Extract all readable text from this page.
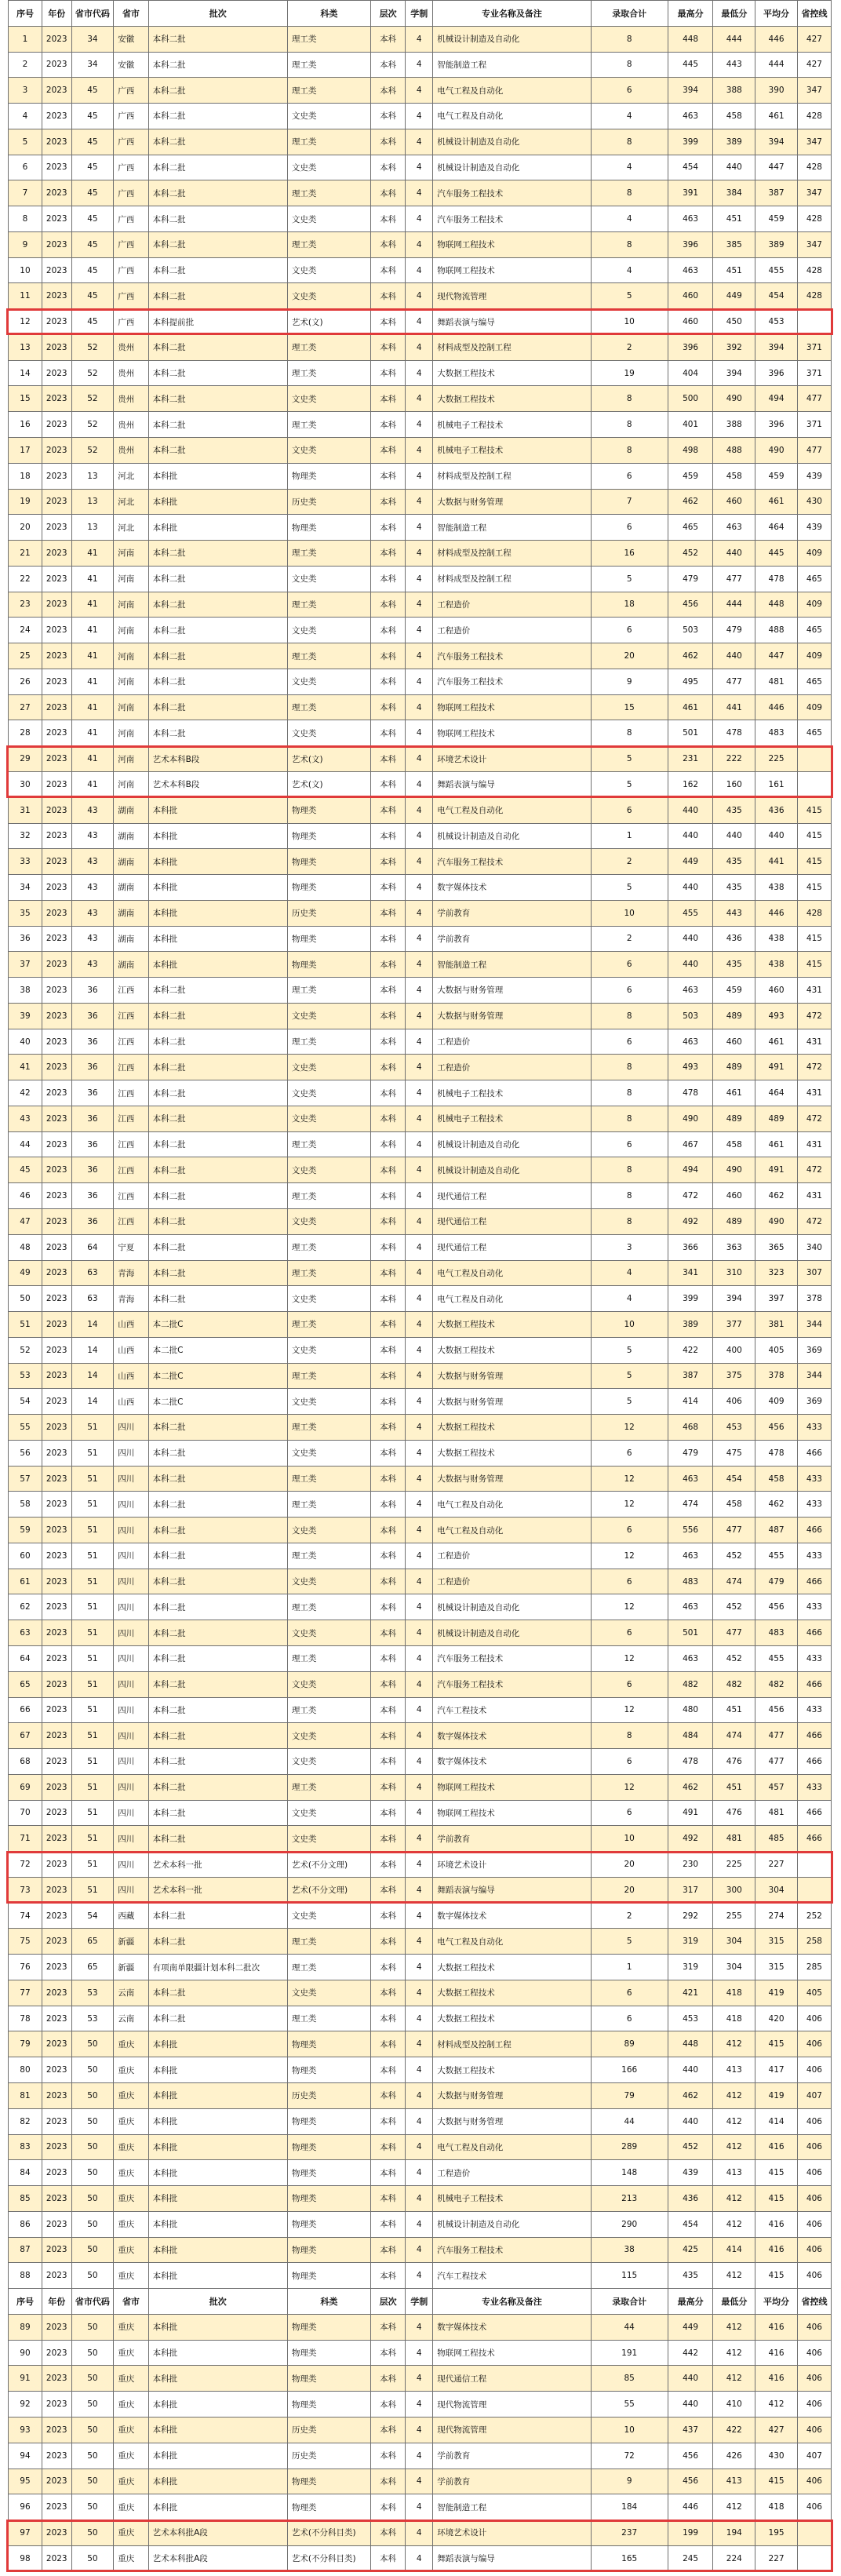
序号	年份	省市代码	省市	批次	科类	层次	学制	专业名称及备注	录取合计	最高分	最低分	平均分	省控线
1	2023	34	安徽	本科二批	理工类	本科	4	机械设计制造及自动化	8	448	444	446	427
2	2023	34	安徽	本科二批	理工类	本科	4	智能制造工程	8	445	443	444	427
3	2023	45	广西	本科二批	理工类	本科	4	电气工程及自动化	6	394	388	390	347
4	2023	45	广西	本科二批	文史类	本科	4	电气工程及自动化	4	463	458	461	428
5	2023	45	广西	本科二批	理工类	本科	4	机械设计制造及自动化	8	399	389	394	347
6	2023	45	广西	本科二批	文史类	本科	4	机械设计制造及自动化	4	454	440	447	428
7	2023	45	广西	本科二批	理工类	本科	4	汽车服务工程技术	8	391	384	387	347
8	2023	45	广西	本科二批	文史类	本科	4	汽车服务工程技术	4	463	451	459	428
9	2023	45	广西	本科二批	理工类	本科	4	物联网工程技术	8	396	385	389	347
10	2023	45	广西	本科二批	文史类	本科	4	物联网工程技术	4	463	451	455	428
11	2023	45	广西	本科二批	文史类	本科	4	现代物流管理	5	460	449	454	428
12	2023	45	广西	本科提前批	艺术(文)	本科	4	舞蹈表演与编导	10	460	450	453	
13	2023	52	贵州	本科二批	理工类	本科	4	材料成型及控制工程	2	396	392	394	371
14	2023	52	贵州	本科二批	理工类	本科	4	大数据工程技术	19	404	394	396	371
15	2023	52	贵州	本科二批	文史类	本科	4	大数据工程技术	8	500	490	494	477
16	2023	52	贵州	本科二批	理工类	本科	4	机械电子工程技术	8	401	388	396	371
17	2023	52	贵州	本科二批	文史类	本科	4	机械电子工程技术	8	498	488	490	477
18	2023	13	河北	本科批	物理类	本科	4	材料成型及控制工程	6	459	458	459	439
19	2023	13	河北	本科批	历史类	本科	4	大数据与财务管理	7	462	460	461	430
20	2023	13	河北	本科批	物理类	本科	4	智能制造工程	6	465	463	464	439
21	2023	41	河南	本科二批	理工类	本科	4	材料成型及控制工程	16	452	440	445	409
22	2023	41	河南	本科二批	文史类	本科	4	材料成型及控制工程	5	479	477	478	465
23	2023	41	河南	本科二批	理工类	本科	4	工程造价	18	456	444	448	409
24	2023	41	河南	本科二批	文史类	本科	4	工程造价	6	503	479	488	465
25	2023	41	河南	本科二批	理工类	本科	4	汽车服务工程技术	20	462	440	447	409
26	2023	41	河南	本科二批	文史类	本科	4	汽车服务工程技术	9	495	477	481	465
27	2023	41	河南	本科二批	理工类	本科	4	物联网工程技术	15	461	441	446	409
28	2023	41	河南	本科二批	文史类	本科	4	物联网工程技术	8	501	478	483	465
29	2023	41	河南	艺术本科B段	艺术(文)	本科	4	环境艺术设计	5	231	222	225	
30	2023	41	河南	艺术本科B段	艺术(文)	本科	4	舞蹈表演与编导	5	162	160	161	
31	2023	43	湖南	本科批	物理类	本科	4	电气工程及自动化	6	440	435	436	415
32	2023	43	湖南	本科批	物理类	本科	4	机械设计制造及自动化	1	440	440	440	415
33	2023	43	湖南	本科批	物理类	本科	4	汽车服务工程技术	2	449	435	441	415
34	2023	43	湖南	本科批	物理类	本科	4	数字媒体技术	5	440	435	438	415
35	2023	43	湖南	本科批	历史类	本科	4	学前教育	10	455	443	446	428
36	2023	43	湖南	本科批	物理类	本科	4	学前教育	2	440	436	438	415
37	2023	43	湖南	本科批	物理类	本科	4	智能制造工程	6	440	435	438	415
38	2023	36	江西	本科二批	理工类	本科	4	大数据与财务管理	6	463	459	460	431
39	2023	36	江西	本科二批	文史类	本科	4	大数据与财务管理	8	503	489	493	472
40	2023	36	江西	本科二批	理工类	本科	4	工程造价	6	463	460	461	431
41	2023	36	江西	本科二批	文史类	本科	4	工程造价	8	493	489	491	472
42	2023	36	江西	本科二批	文史类	本科	4	机械电子工程技术	8	478	461	464	431
43	2023	36	江西	本科二批	文史类	本科	4	机械电子工程技术	8	490	489	489	472
44	2023	36	江西	本科二批	理工类	本科	4	机械设计制造及自动化	6	467	458	461	431
45	2023	36	江西	本科二批	文史类	本科	4	机械设计制造及自动化	8	494	490	491	472
46	2023	36	江西	本科二批	理工类	本科	4	现代通信工程	8	472	460	462	431
47	2023	36	江西	本科二批	文史类	本科	4	现代通信工程	8	492	489	490	472
48	2023	64	宁夏	本科二批	理工类	本科	4	现代通信工程	3	366	363	365	340
49	2023	63	青海	本科二批	理工类	本科	4	电气工程及自动化	4	341	310	323	307
50	2023	63	青海	本科二批	文史类	本科	4	电气工程及自动化	4	399	394	397	378
51	2023	14	山西	本二批C	理工类	本科	4	大数据工程技术	10	389	377	381	344
52	2023	14	山西	本二批C	文史类	本科	4	大数据工程技术	5	422	400	405	369
53	2023	14	山西	本二批C	理工类	本科	4	大数据与财务管理	5	387	375	378	344
54	2023	14	山西	本二批C	文史类	本科	4	大数据与财务管理	5	414	406	409	369
55	2023	51	四川	本科二批	理工类	本科	4	大数据工程技术	12	468	453	456	433
56	2023	51	四川	本科二批	文史类	本科	4	大数据工程技术	6	479	475	478	466
57	2023	51	四川	本科二批	理工类	本科	4	大数据与财务管理	12	463	454	458	433
58	2023	51	四川	本科二批	理工类	本科	4	电气工程及自动化	12	474	458	462	433
59	2023	51	四川	本科二批	文史类	本科	4	电气工程及自动化	6	556	477	487	466
60	2023	51	四川	本科二批	理工类	本科	4	工程造价	12	463	452	455	433
61	2023	51	四川	本科二批	文史类	本科	4	工程造价	6	483	474	479	466
62	2023	51	四川	本科二批	理工类	本科	4	机械设计制造及自动化	12	463	452	456	433
63	2023	51	四川	本科二批	文史类	本科	4	机械设计制造及自动化	6	501	477	483	466
64	2023	51	四川	本科二批	理工类	本科	4	汽车服务工程技术	12	463	452	455	433
65	2023	51	四川	本科二批	文史类	本科	4	汽车服务工程技术	6	482	482	482	466
66	2023	51	四川	本科二批	理工类	本科	4	汽车工程技术	12	480	451	456	433
67	2023	51	四川	本科二批	文史类	本科	4	数字媒体技术	8	484	474	477	466
68	2023	51	四川	本科二批	文史类	本科	4	数字媒体技术	6	478	476	477	466
69	2023	51	四川	本科二批	理工类	本科	4	物联网工程技术	12	462	451	457	433
70	2023	51	四川	本科二批	文史类	本科	4	物联网工程技术	6	491	476	481	466
71	2023	51	四川	本科二批	文史类	本科	4	学前教育	10	492	481	485	466
72	2023	51	四川	艺术本科一批	艺术(不分文理)	本科	4	环境艺术设计	20	230	225	227	
73	2023	51	四川	艺术本科一批	艺术(不分文理)	本科	4	舞蹈表演与编导	20	317	300	304	
74	2023	54	西藏	本科二批	文史类	本科	4	数字媒体技术	2	292	255	274	252
75	2023	65	新疆	本科二批	理工类	本科	4	电气工程及自动化	5	319	304	315	258
76	2023	65	新疆	有项南单限疆计划本科二批次	理工类	本科	4	大数据工程技术	1	319	304	315	285
77	2023	53	云南	本科二批	文史类	本科	4	大数据工程技术	6	421	418	419	405
78	2023	53	云南	本科二批	理工类	本科	4	大数据工程技术	6	453	418	420	406
79	2023	50	重庆	本科批	物理类	本科	4	材料成型及控制工程	89	448	412	415	406
80	2023	50	重庆	本科批	物理类	本科	4	大数据工程技术	166	440	413	417	406
81	2023	50	重庆	本科批	历史类	本科	4	大数据与财务管理	79	462	412	419	407
82	2023	50	重庆	本科批	物理类	本科	4	大数据与财务管理	44	440	412	414	406
83	2023	50	重庆	本科批	物理类	本科	4	电气工程及自动化	289	452	412	416	406
84	2023	50	重庆	本科批	物理类	本科	4	工程造价	148	439	413	415	406
85	2023	50	重庆	本科批	物理类	本科	4	机械电子工程技术	213	436	412	415	406
86	2023	50	重庆	本科批	物理类	本科	4	机械设计制造及自动化	290	454	412	416	406
87	2023	50	重庆	本科批	物理类	本科	4	汽车服务工程技术	38	425	414	416	406
88	2023	50	重庆	本科批	物理类	本科	4	汽车工程技术	115	435	412	415	406
序号	年份	省市代码	省市	批次	科类	层次	学制	专业名称及备注	录取合计	最高分	最低分	平均分	省控线
89	2023	50	重庆	本科批	物理类	本科	4	数字媒体技术	44	449	412	416	406
90	2023	50	重庆	本科批	物理类	本科	4	物联网工程技术	191	442	412	416	406
91	2023	50	重庆	本科批	物理类	本科	4	现代通信工程	85	440	412	416	406
92	2023	50	重庆	本科批	物理类	本科	4	现代物流管理	55	440	410	412	406
93	2023	50	重庆	本科批	历史类	本科	4	现代物流管理	10	437	422	427	406
94	2023	50	重庆	本科批	历史类	本科	4	学前教育	72	456	426	430	407
95	2023	50	重庆	本科批	物理类	本科	4	学前教育	9	456	413	415	406
96	2023	50	重庆	本科批	物理类	本科	4	智能制造工程	184	446	412	418	406
97	2023	50	重庆	艺术本科批A段	艺术(不分科目类)	本科	4	环境艺术设计	237	199	194	195	
98	2023	50	重庆	艺术本科批A段	艺术(不分科目类)	本科	4	舞蹈表演与编导	165	245	224	227	
